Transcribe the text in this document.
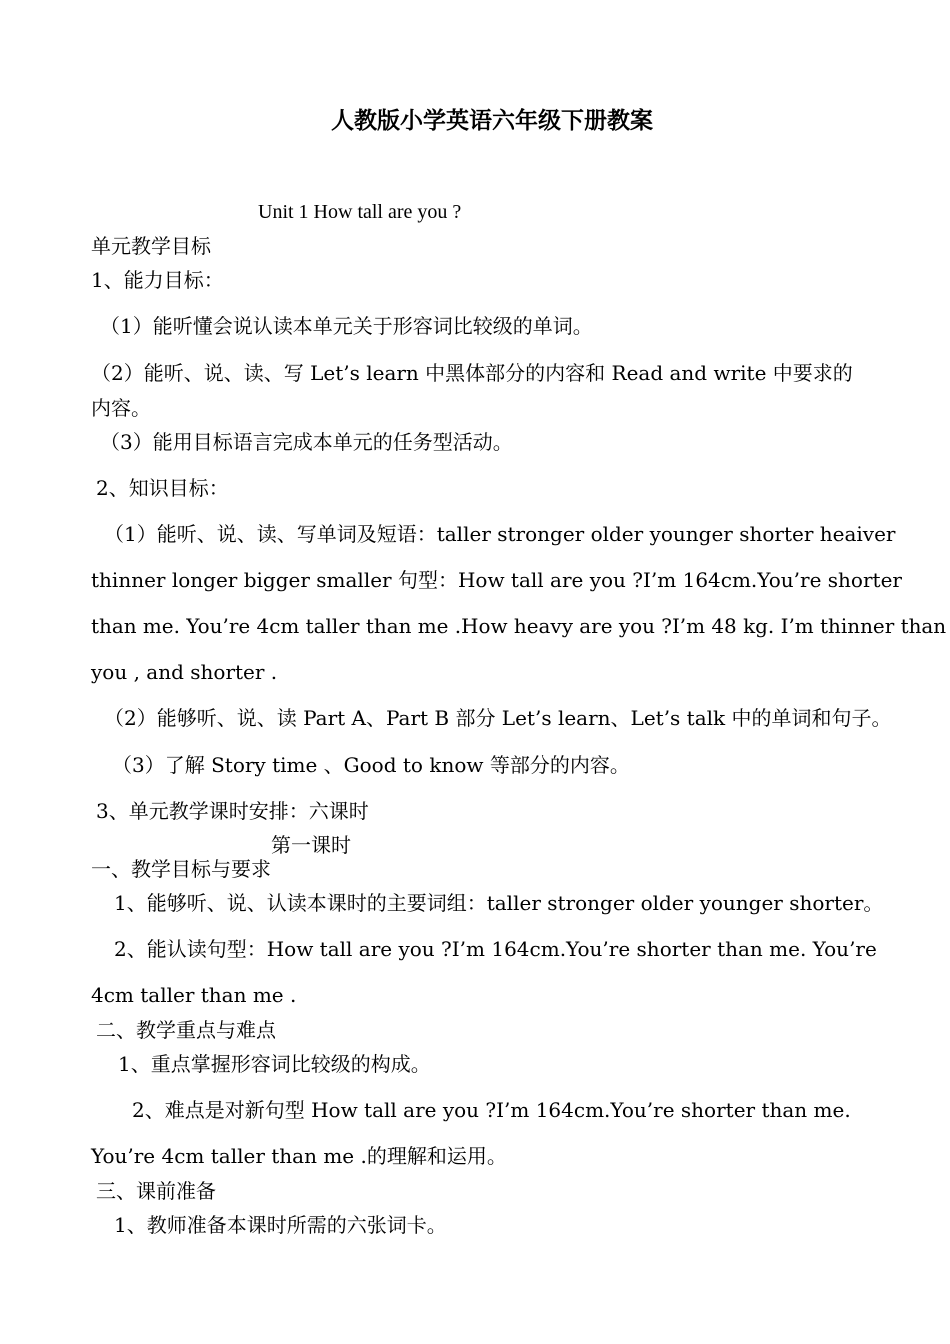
人教版小学英语六年级下册教案
Unit 1 How tall are you ?
单元教学目标
1、能力目标：
（1）能听懂会说认读本单元关于形容词比较级的单词。
（2）能听、说、读、写 Let’s learn 中黑体部分的内容和 Read and write 中要求的
内容。
（3）能用目标语言完成本单元的任务型活动。
2、知识目标：
（1）能听、说、读、写单词及短语：taller stronger older younger shorter heaiver
thinner longer bigger smaller 句型：How tall are you ?I’m 164cm.You’re shorter
than me. You’re 4cm taller than me .How heavy are you ?I’m 48 kg. I’m thinner than
you , and shorter .
（2）能够听、说、读 Part A、Part B 部分 Let’s learn、Let’s talk 中的单词和句子。
（3）了解 Story time 、Good to know 等部分的内容。
3、单元教学课时安排：六课时
第一课时
一、教学目标与要求
1、能够听、说、认读本课时的主要词组：taller stronger older younger shorter。
2、能认读句型：How tall are you ?I’m 164cm.You’re shorter than me. You’re
4cm taller than me .
二、教学重点与难点
1、重点掌握形容词比较级的构成。
2、难点是对新句型 How tall are you ?I’m 164cm.You’re shorter than me.
You’re 4cm taller than me .的理解和运用。
三、课前准备
1、教师准备本课时所需的六张词卡。
